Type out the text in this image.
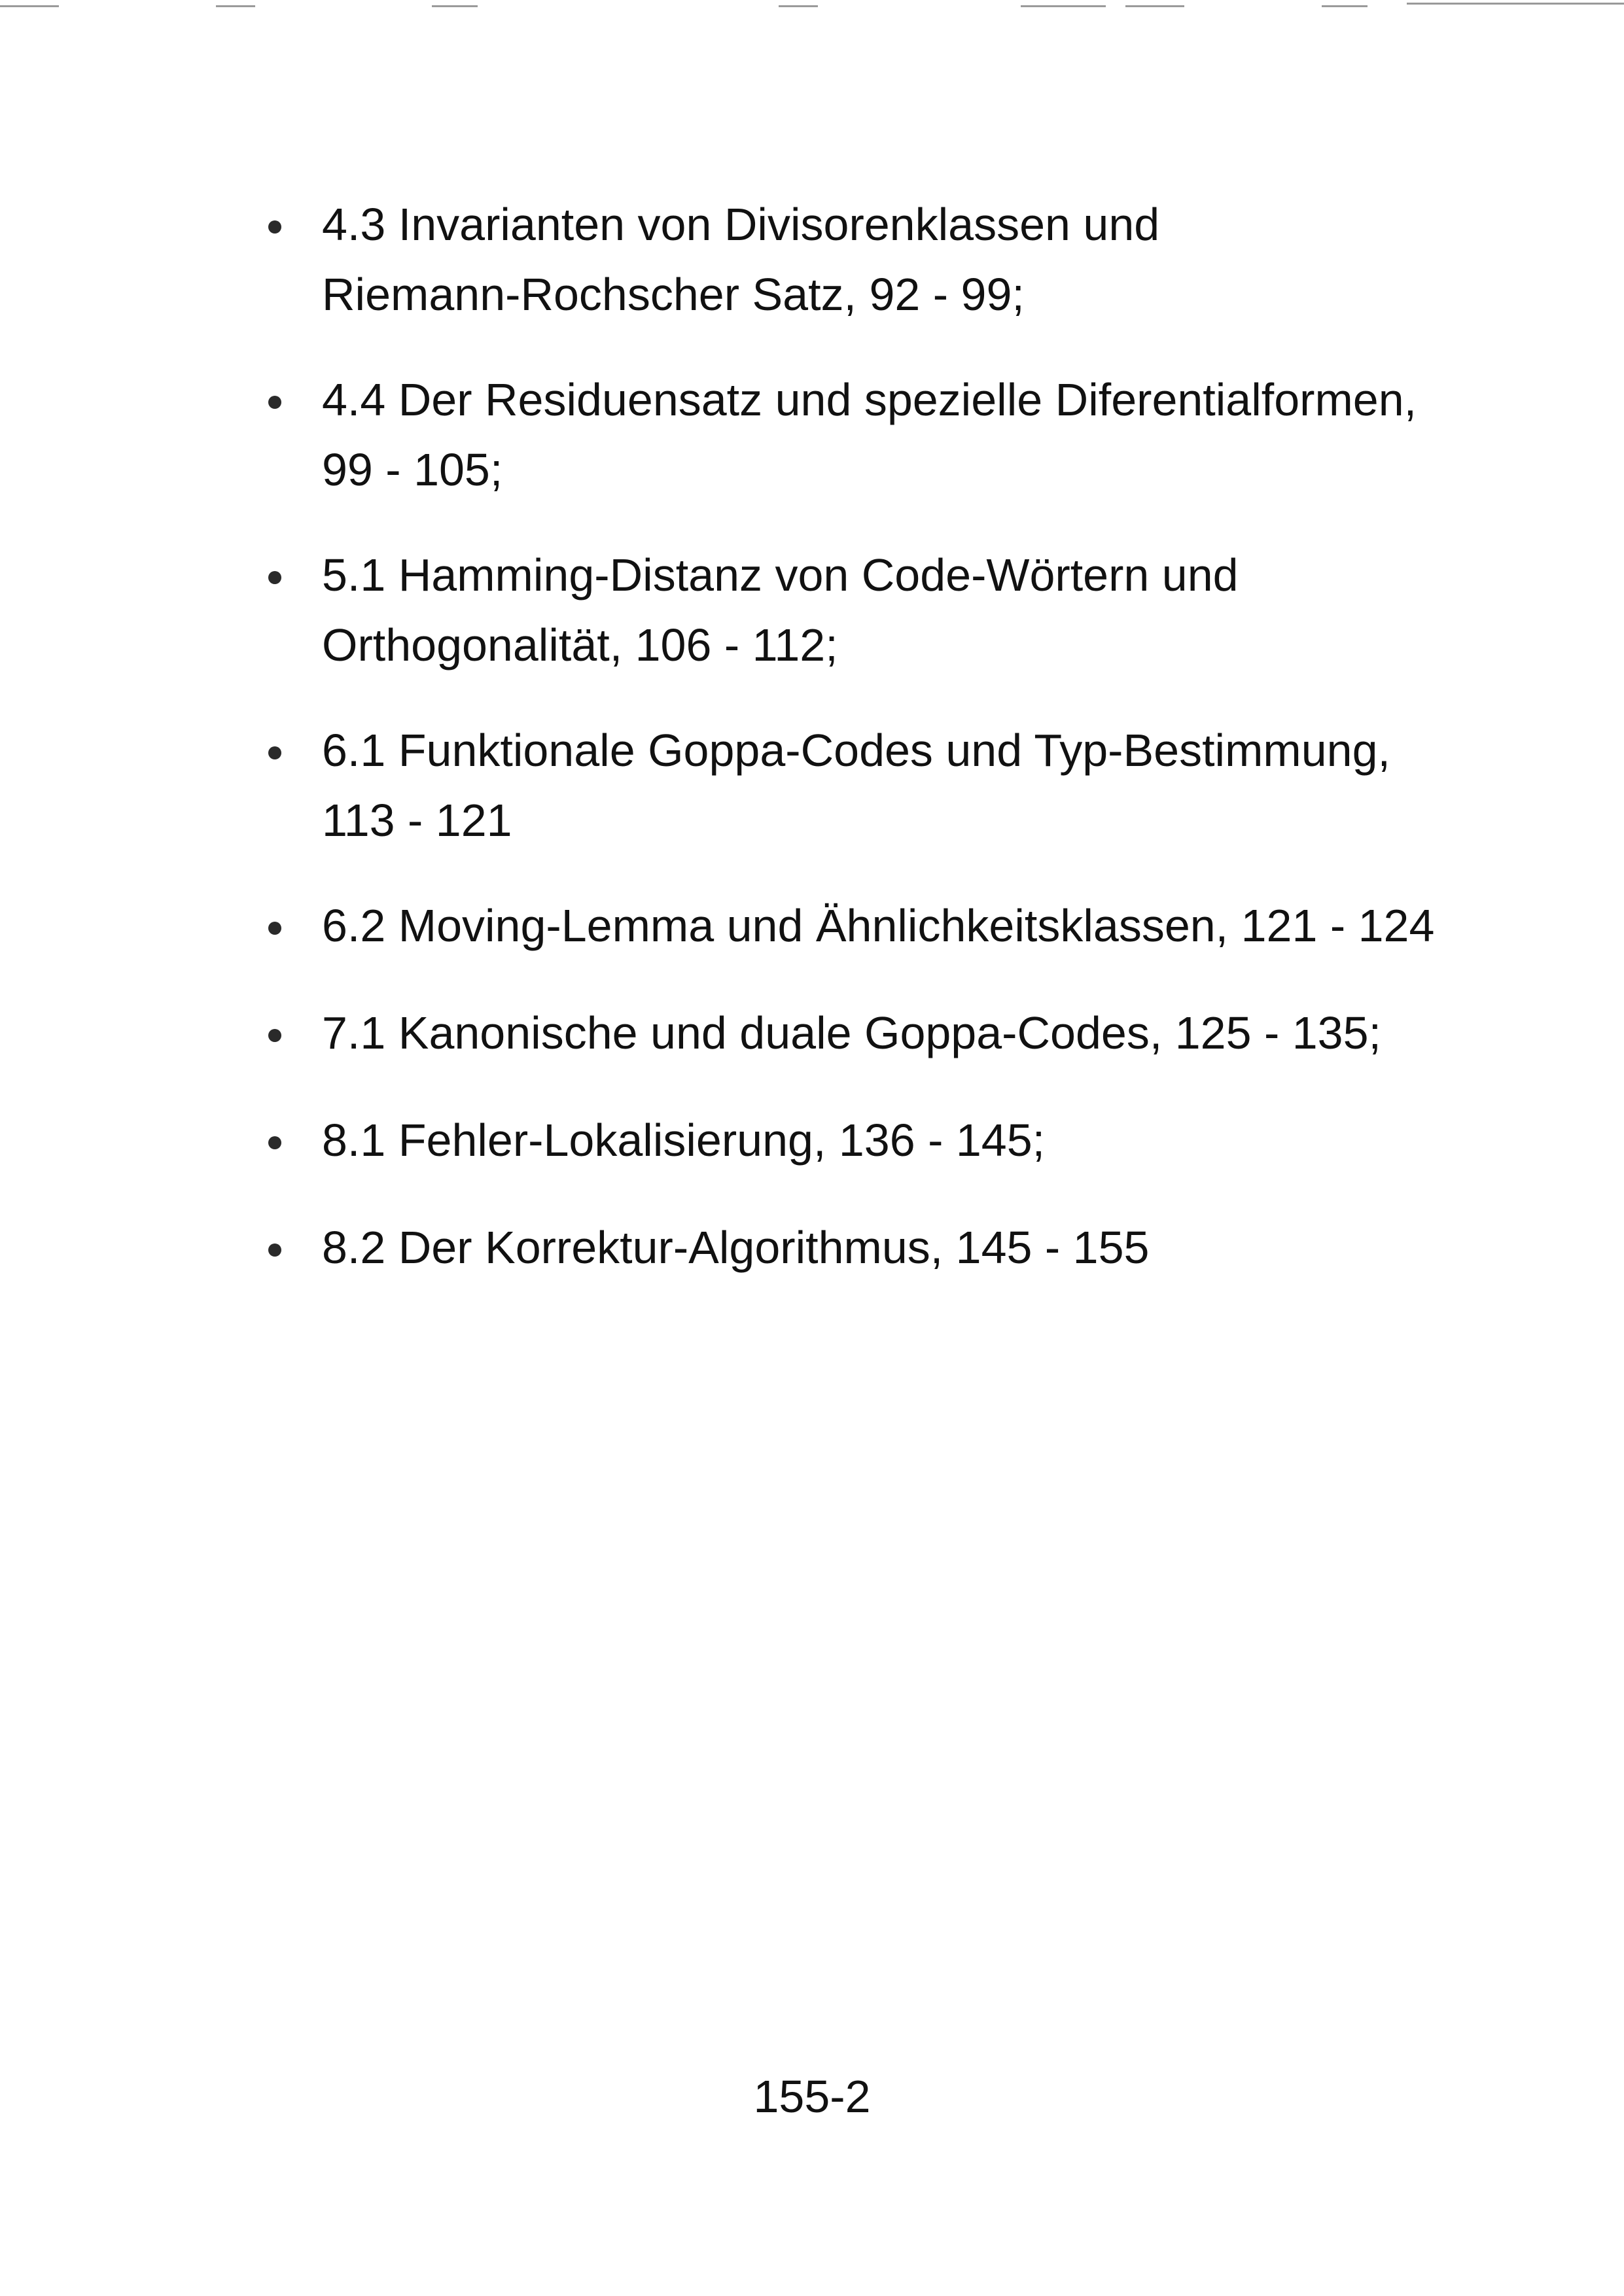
4.3 Invarianten von Divisorenklassen und
Riemann-Rochscher Satz, 92 - 99;
4.4 Der Residuensatz und spezielle Diferentialformen,
99 - 105;
5.1 Hamming-Distanz von Code-Wörtern und
Orthogonalität, 106 - 112;
6.1 Funktionale Goppa-Codes und Typ-Bestimmung,
113 - 121
6.2 Moving-Lemma und Ähnlichkeitsklassen, 121 - 124
7.1 Kanonische und duale Goppa-Codes, 125 - 135;
8.1 Fehler-Lokalisierung, 136 - 145;
8.2 Der Korrektur-Algorithmus, 145 - 155
155-2
